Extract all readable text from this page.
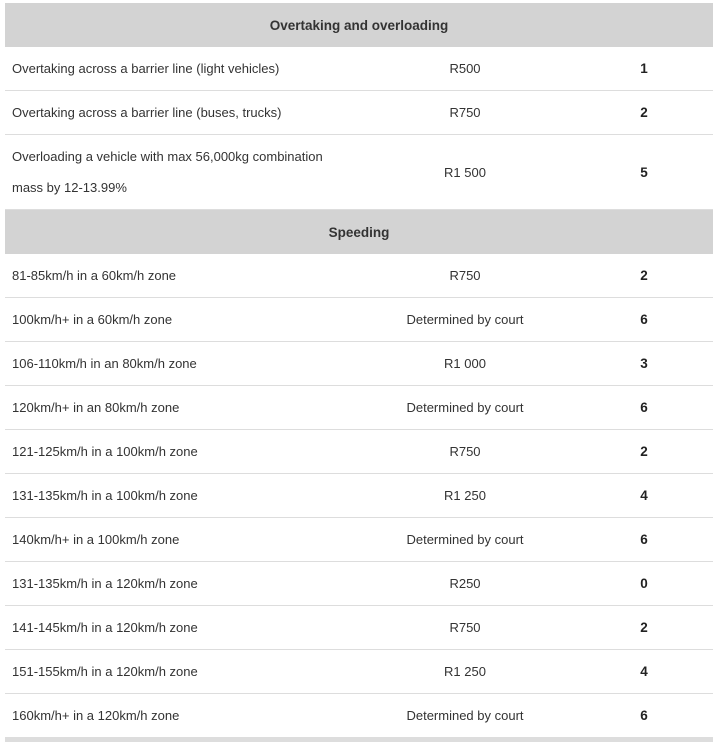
Overtaking and overloading		
Overtaking across a barrier line (light vehicles)	R500	1
Overtaking across a barrier line (buses, trucks)	R750	2
Overloading a vehicle with max 56,000kg combination
mass by 12-13.99%	R1 500	5
Speeding		
81-85km/h in a 60km/h zone	R750	2
100km/h+ in a 60km/h zone	Determined by court	6
106-110km/h in an 80km/h zone	R1 000	3
120km/h+ in an 80km/h zone	Determined by court	6
121-125km/h in a 100km/h zone	R750	2
131-135km/h in a 100km/h zone	R1 250	4
140km/h+ in a 100km/h zone	Determined by court	6
131-135km/h in a 120km/h zone	R250	0
141-145km/h in a 120km/h zone	R750	2
151-155km/h in a 120km/h zone	R1 250	4
160km/h+ in a 120km/h zone	Determined by court	6
